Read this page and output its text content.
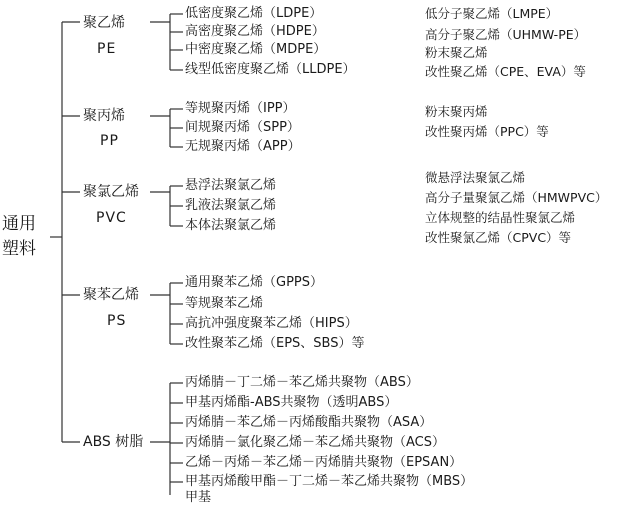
通用
塑料
聚乙烯
PE
低密度聚乙烯（LDPE）
高密度聚乙烯（HDPE）
中密度聚乙烯（MDPE）
线型低密度聚乙烯（LLDPE）
低分子聚乙烯（LMPE）
高分子聚乙烯（UHMW-PE）
粉末聚乙烯
改性聚乙烯（CPE、EVA）等
聚丙烯
PP
等规聚丙烯（IPP）
间规聚丙烯（SPP）
无规聚丙烯（APP）
粉末聚丙烯
改性聚丙烯（PPC）等
聚氯乙烯
PVC
悬浮法聚氯乙烯
乳液法聚氯乙烯
本体法聚氯乙烯
微悬浮法聚氯乙烯
高分子量聚氯乙烯（HMWPVC）
立体规整的结晶性聚氯乙烯
改性聚氯乙烯（CPVC）等
聚苯乙烯
PS
通用聚苯乙烯（GPPS）
等规聚苯乙烯
高抗冲强度聚苯乙烯（HIPS）
改性聚苯乙烯（EPS、SBS）等
ABS 树脂
丙烯腈－丁二烯－苯乙烯共聚物（ABS）
甲基丙烯酯-ABS共聚物（透明ABS）
丙烯腈－苯乙烯－丙烯酸酯共聚物（ASA）
丙烯腈－氯化聚乙烯－苯乙烯共聚物（ACS）
乙烯－丙烯－苯乙烯－丙烯腈共聚物（EPSAN）
甲基丙烯酸甲酯－丁二烯－苯乙烯共聚物（MBS）
甲基
